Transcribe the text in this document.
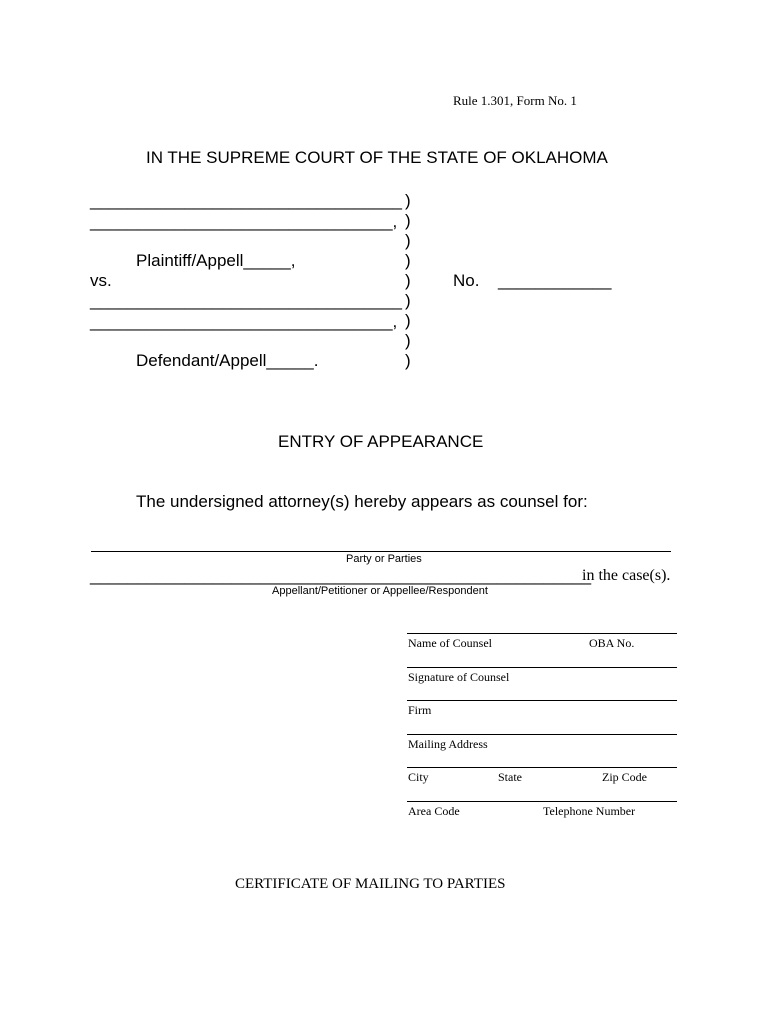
Rule 1.301, Form No. 1
IN THE SUPREME COURT OF THE STATE OF OKLAHOMA
_________________________________
________________________________,
Plaintiff/Appell_____,
vs.
_________________________________
________________________________,
Defendant/Appell_____.
)
)
)
)
)
)
)
)
)
No. ____________
ENTRY OF APPEARANCE
The undersigned attorney(s) hereby appears as counsel for:
Party or Parties
_____________________________________________________
in the case(s).
Appellant/Petitioner or Appellee/Respondent
Name of Counsel	OBA No.
Signature of Counsel
Firm
Mailing Address
City	State	Zip Code
Area Code	Telephone Number
CERTIFICATE OF MAILING TO PARTIES
